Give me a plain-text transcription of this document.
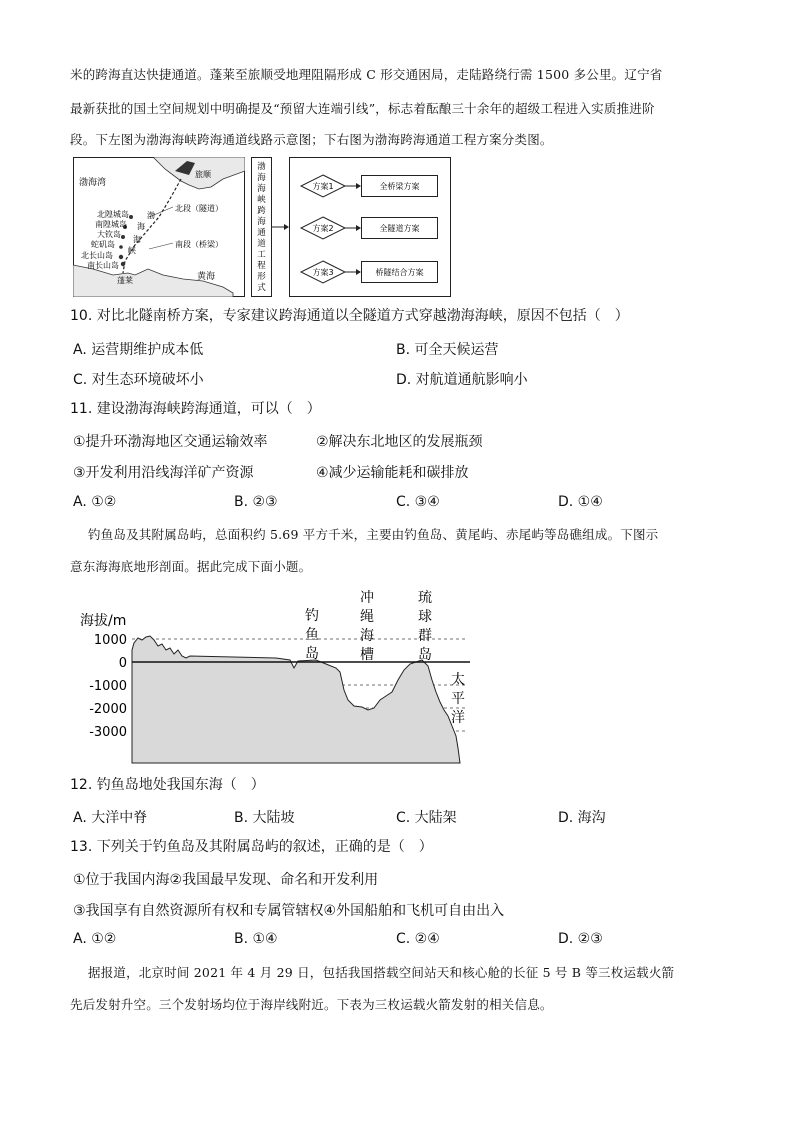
米的跨海直达快捷通道。蓬莱至旅顺受地理阻隔形成 C 形交通困局，走陆路绕行需 1500 多公里。辽宁省
最新获批的国土空间规划中明确提及“预留大连端引线”，标志着酝酿三十余年的超级工程进入实质推进阶
段。下左图为渤海海峡跨海通道线路示意图；下右图为渤海跨海通道工程方案分类图。
渤海湾
旅顺
北隍城岛
南隍城岛
大钦岛
蛇矶岛
北长山岛
南长山岛
蓬莱
渤
海
海
峡
北段（隧道）
南段（桥梁）
黄海
渤
海
海
峡
跨
海
通
道
工
程
形
式
方案1	全桥梁方案
方案2	全隧道方案
方案3	桥隧结合方案
10. 对比北隧南桥方案，专家建议跨海通道以全隧道方式穿越渤海海峡，原因不包括（　）
A. 运营期维护成本低	B. 可全天候运营
C. 对生态环境破坏小	D. 对航道通航影响小
11. 建设渤海海峡跨海通道，可以（　）
①提升环渤海地区交通运输效率	②解决东北地区的发展瓶颈
③开发利用沿线海洋矿产资源	④减少运输能耗和碳排放
A. ①②	B. ②③	C. ③④	D. ①④
钓鱼岛及其附属岛屿，总面积约 5.69 平方千米，主要由钓鱼岛、黄尾屿、赤尾屿等岛礁组成。下图示
意东海海底地形剖面。据此完成下面小题。
海拔/m
1000
0
-1000
-2000
-3000
钓
鱼
岛
冲
绳
海
槽
琉
球
群
岛
太
平
洋
12. 钓鱼岛地处我国东海（　）
A. 大洋中脊	B. 大陆坡	C. 大陆架	D. 海沟
13. 下列关于钓鱼岛及其附属岛屿的叙述，正确的是（　）
①位于我国内海②我国最早发现、命名和开发利用
③我国享有自然资源所有权和专属管辖权④外国船舶和飞机可自由出入
A. ①②	B. ①④	C. ②④	D. ②③
据报道，北京时间 2021 年 4 月 29 日，包括我国搭载空间站天和核心舱的长征 5 号 B 等三枚运载火箭
先后发射升空。三个发射场均位于海岸线附近。下表为三枚运载火箭发射的相关信息。
